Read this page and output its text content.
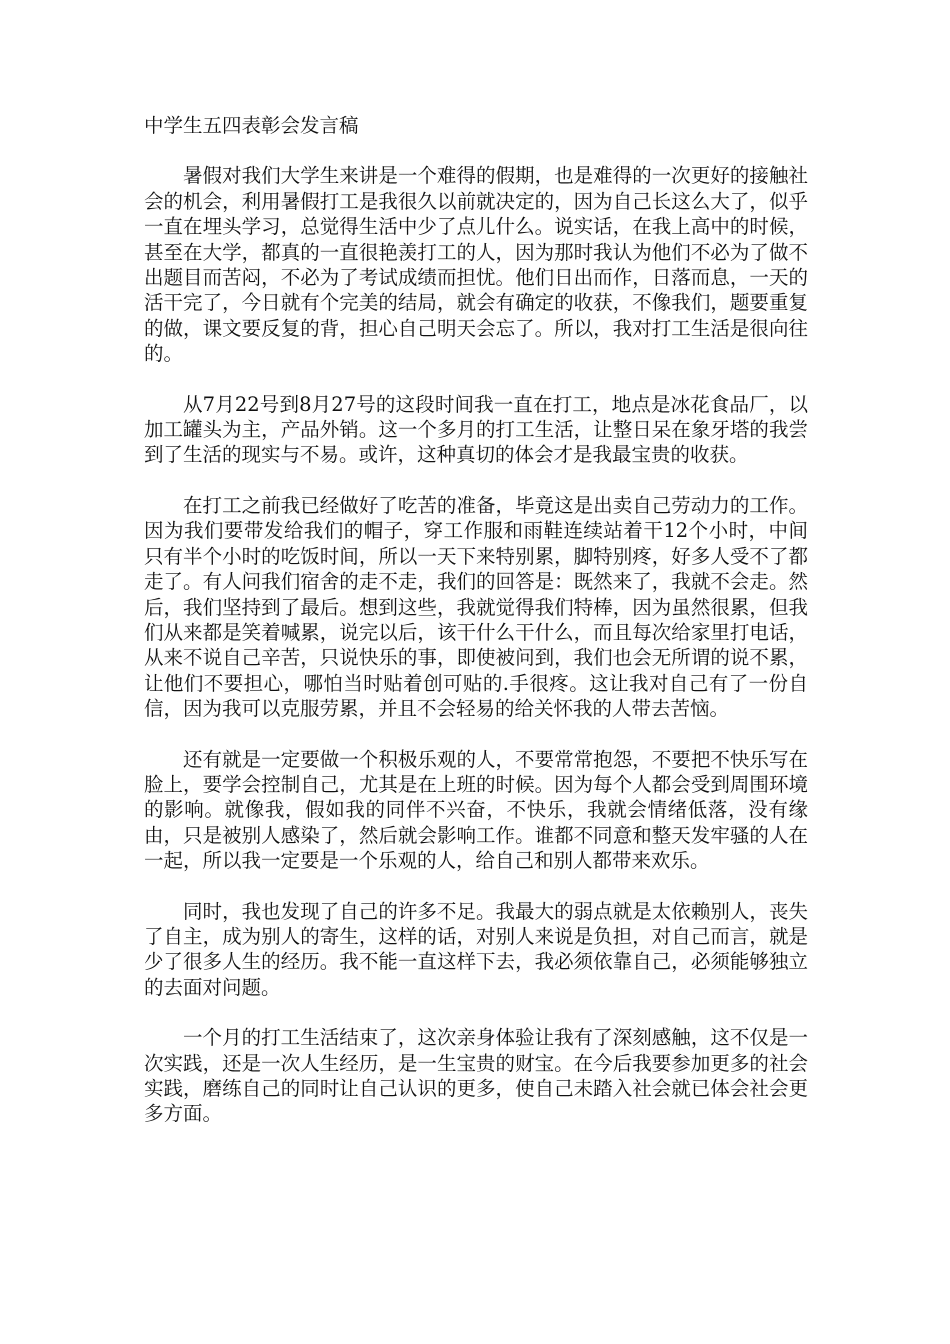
中学生五四表彰会发言稿

暑假对我们大学生来讲是一个难得的假期，也是难得的一次更好的接触社会的机会，利用暑假打工是我很久以前就决定的，因为自己长这么大了，似乎一直在埋头学习，总觉得生活中少了点儿什么。说实话，在我上高中的时候，甚至在大学，都真的一直很艳羡打工的人，因为那时我认为他们不必为了做不出题目而苦闷，不必为了考试成绩而担忧。他们日出而作，日落而息，一天的活干完了，今日就有个完美的结局，就会有确定的收获，不像我们，题要重复的做，课文要反复的背，担心自己明天会忘了。所以，我对打工生活是很向往的。

从7月22号到8月27号的这段时间我一直在打工，地点是冰花食品厂，以加工罐头为主，产品外销。这一个多月的打工生活，让整日呆在象牙塔的我尝到了生活的现实与不易。或许，这种真切的体会才是我最宝贵的收获。

在打工之前我已经做好了吃苦的准备，毕竟这是出卖自己劳动力的工作。因为我们要带发给我们的帽子，穿工作服和雨鞋连续站着干12个小时，中间只有半个小时的吃饭时间，所以一天下来特别累，脚特别疼，好多人受不了都走了。有人问我们宿舍的走不走，我们的回答是：既然来了，我就不会走。然后，我们坚持到了最后。想到这些，我就觉得我们特棒，因为虽然很累，但我们从来都是笑着喊累，说完以后，该干什么干什么，而且每次给家里打电话，从来不说自己辛苦，只说快乐的事，即使被问到，我们也会无所谓的说不累，让他们不要担心，哪怕当时贴着创可贴的.手很疼。这让我对自己有了一份自信，因为我可以克服劳累，并且不会轻易的给关怀我的人带去苦恼。

还有就是一定要做一个积极乐观的人，不要常常抱怨，不要把不快乐写在脸上，要学会控制自己，尤其是在上班的时候。因为每个人都会受到周围环境的影响。就像我，假如我的同伴不兴奋，不快乐，我就会情绪低落，没有缘由，只是被别人感染了，然后就会影响工作。谁都不同意和整天发牢骚的人在一起，所以我一定要是一个乐观的人，给自己和别人都带来欢乐。

同时，我也发现了自己的许多不足。我最大的弱点就是太依赖别人，丧失了自主，成为别人的寄生，这样的话，对别人来说是负担，对自己而言，就是少了很多人生的经历。我不能一直这样下去，我必须依靠自己，必须能够独立的去面对问题。

一个月的打工生活结束了，这次亲身体验让我有了深刻感触，这不仅是一次实践，还是一次人生经历，是一生宝贵的财宝。在今后我要参加更多的社会实践，磨练自己的同时让自己认识的更多，使自己未踏入社会就已体会社会更多方面。
